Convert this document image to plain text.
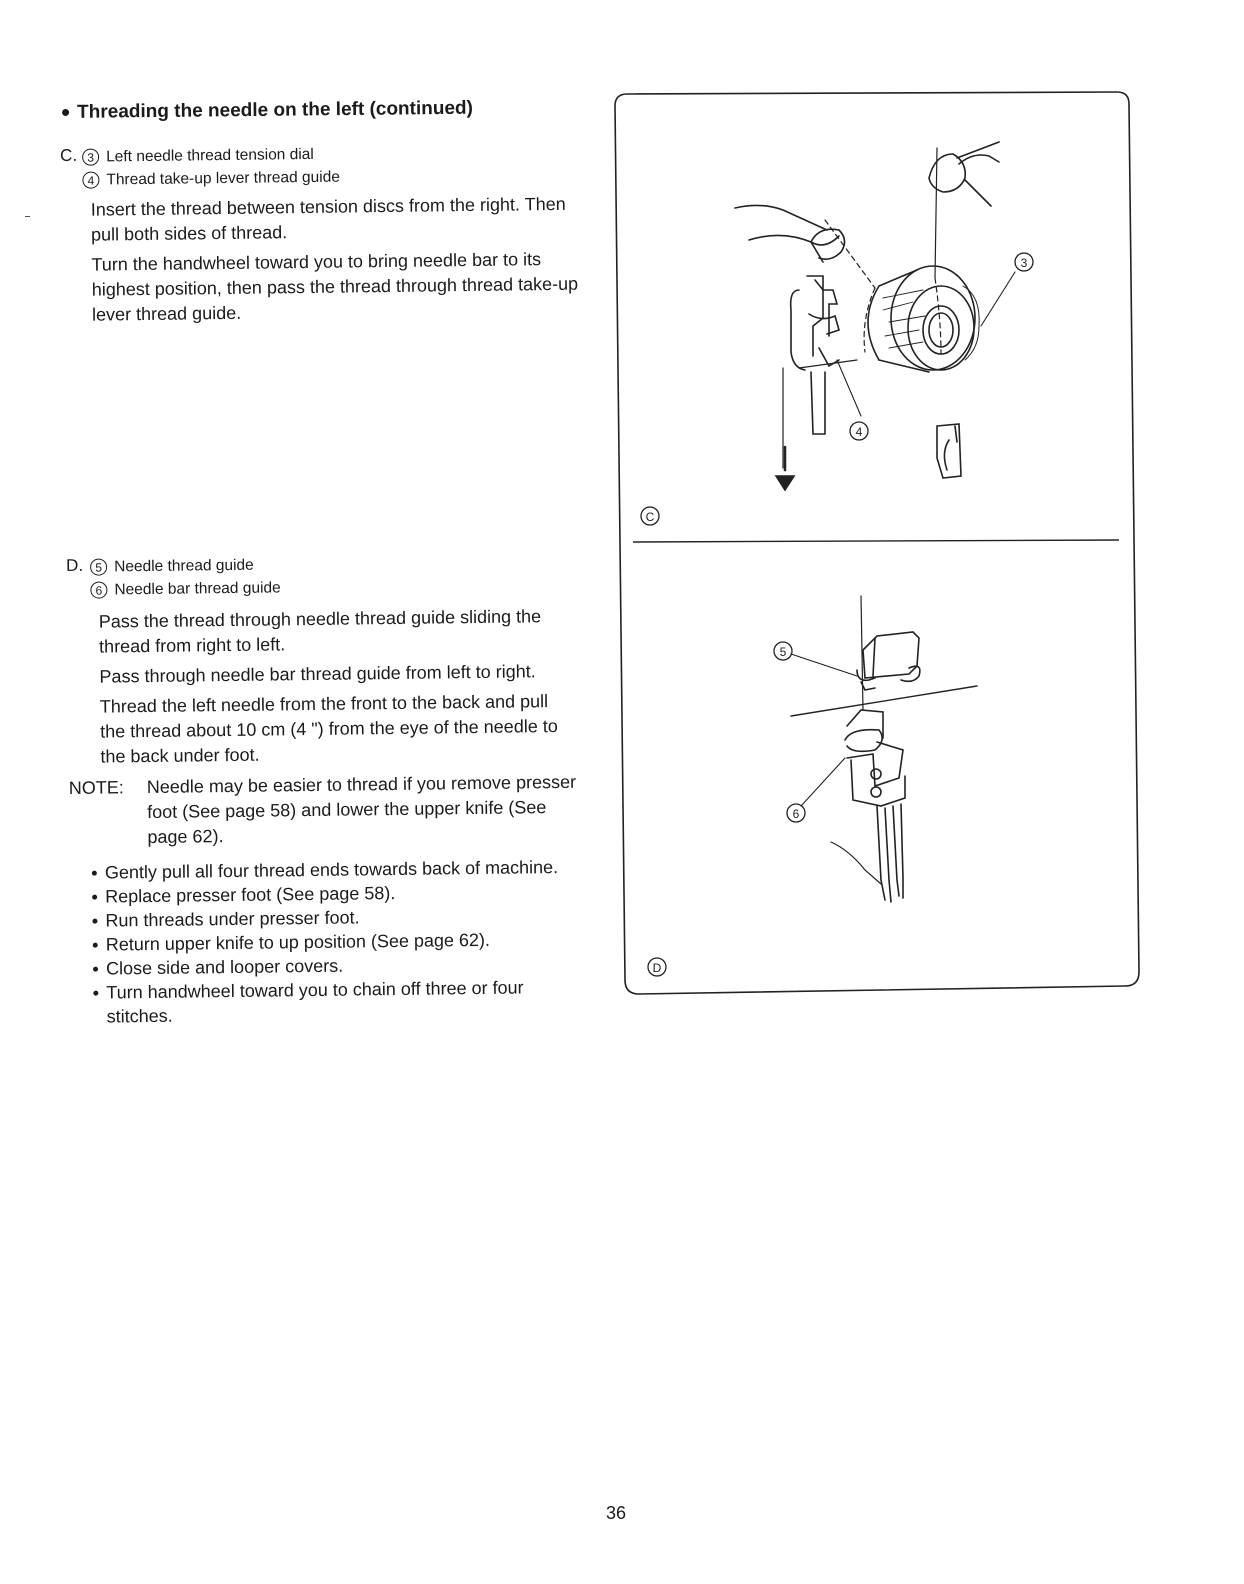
Threading the needle on the left (continued)
C. 3 Left needle thread tension dial
4 Thread take-up lever thread guide

Insert the thread between tension discs from the right. Then pull both sides of thread.

Turn the handwheel toward you to bring needle bar to its highest position, then pass the thread through thread take-up lever thread guide.

D. 5 Needle thread guide
6 Needle bar thread guide

Pass the thread through needle thread guide sliding the thread from right to left.

Pass through needle bar thread guide from left to right.

Thread the left needle from the front to the back and pull the thread about 10 cm (4 ") from the eye of the needle to the back under foot.

NOTE:	Needle may be easier to thread if you remove presser foot (See page 58) and lower the upper knife (See page 62).
Gently pull all four thread ends towards back of machine.
Replace presser foot (See page 58).
Run threads under presser foot.
Return upper knife to up position (See page 62).
Close side and looper covers.
Turn handwheel toward you to chain off three or four stitches.
3
4
C
5
6
D
36
